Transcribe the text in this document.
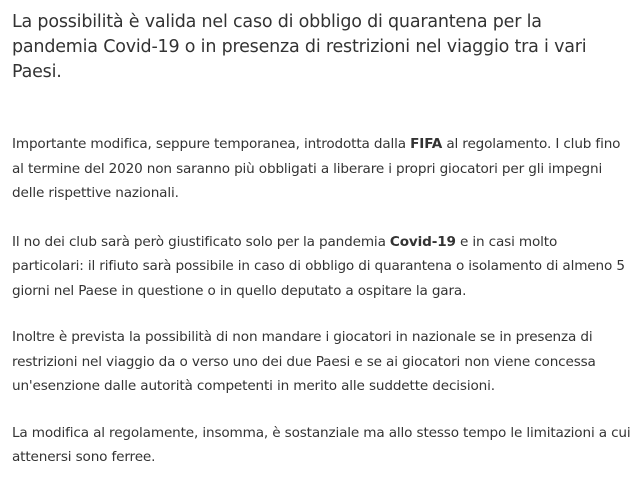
La possibilità è valida nel caso di obbligo di quarantena per la pandemia Covid-19 o in presenza di restrizioni nel viaggio tra i vari Paesi.

Importante modifica, seppure temporanea, introdotta dalla FIFA al regolamento. I club fino al termine del 2020 non saranno più obbligati a liberare i propri giocatori per gli impegni delle rispettive nazionali.

Il no dei club sarà però giustificato solo per la pandemia Covid-19 e in casi molto particolari: il rifiuto sarà possibile in caso di obbligo di quarantena o isolamento di almeno 5 giorni nel Paese in questione o in quello deputato a ospitare la gara.

Inoltre è prevista la possibilità di non mandare i giocatori in nazionale se in presenza di restrizioni nel viaggio da o verso uno dei due Paesi e se ai giocatori non viene concessa un'esenzione dalle autorità competenti in merito alle suddette decisioni.

La modifica al regolamente, insomma, è sostanziale ma allo stesso tempo le limitazioni a cui attenersi sono ferree.
